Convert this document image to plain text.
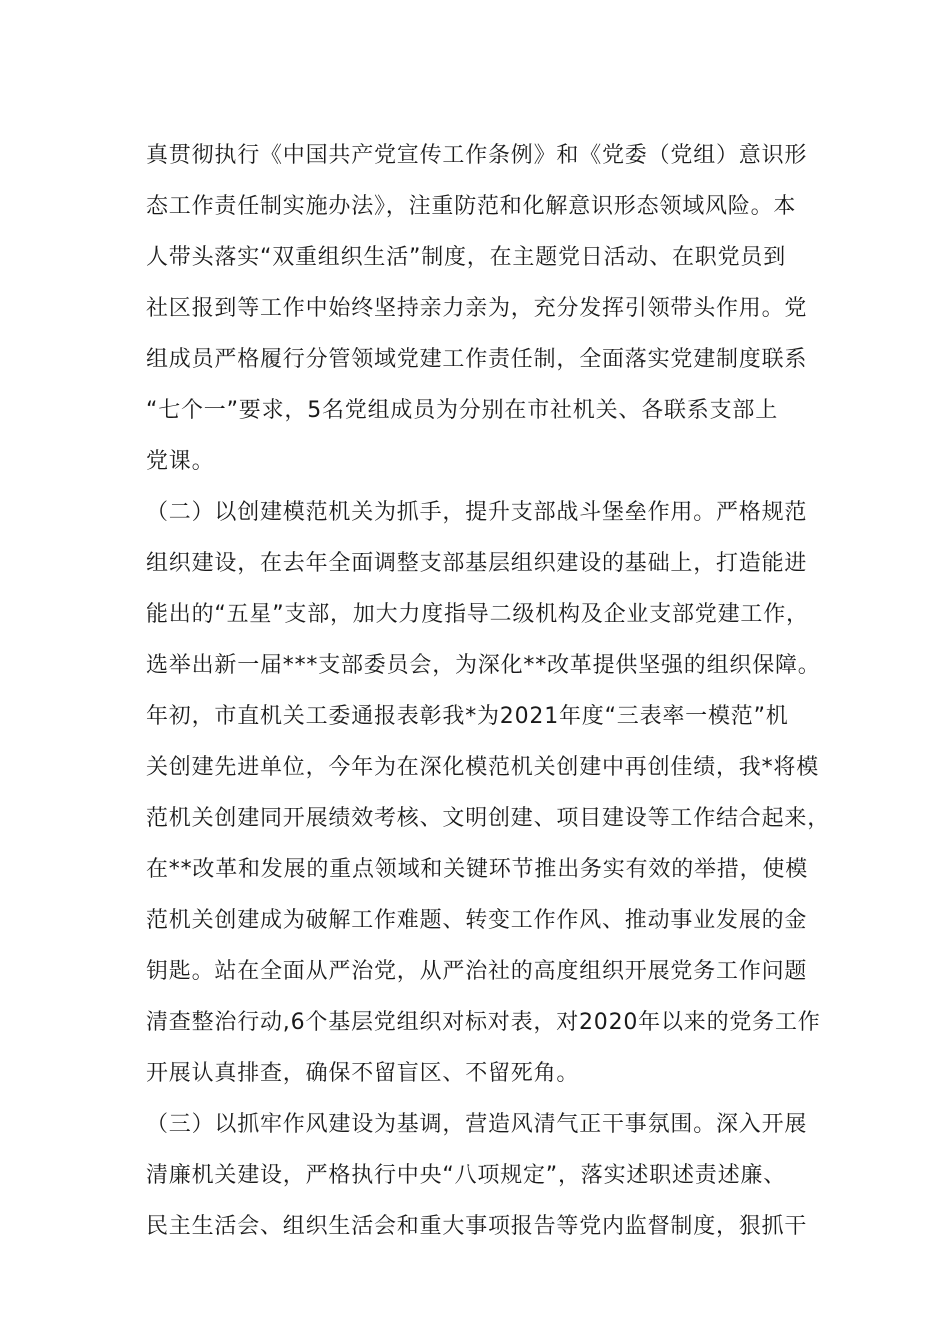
真贯彻执行《中国共产党宣传工作条例》和《党委（党组）意识形
态工作责任制实施办法》，注重防范和化解意识形态领域风险。本
人带头落实“双重组织生活”制度，在主题党日活动、在职党员到
社区报到等工作中始终坚持亲力亲为，充分发挥引领带头作用。党
组成员严格履行分管领域党建工作责任制，全面落实党建制度联系
“七个一”要求，5名党组成员为分别在市社机关、各联系支部上
党课。
（二）以创建模范机关为抓手，提升支部战斗堡垒作用。严格规范
组织建设，在去年全面调整支部基层组织建设的基础上，打造能进
能出的“五星”支部，加大力度指导二级机构及企业支部党建工作，
选举出新一届***支部委员会，为深化**改革提供坚强的组织保障。
年初，市直机关工委通报表彰我*为2021年度“三表率一模范”机
关创建先进单位，今年为在深化模范机关创建中再创佳绩，我*将模
范机关创建同开展绩效考核、文明创建、项目建设等工作结合起来，
在**改革和发展的重点领域和关键环节推出务实有效的举措，使模
范机关创建成为破解工作难题、转变工作作风、推动事业发展的金
钥匙。站在全面从严治党，从严治社的高度组织开展党务工作问题
清查整治行动,6个基层党组织对标对表，对2020年以来的党务工作
开展认真排查，确保不留盲区、不留死角。
（三）以抓牢作风建设为基调，营造风清气正干事氛围。深入开展
清廉机关建设，严格执行中央“八项规定”，落实述职述责述廉、
民主生活会、组织生活会和重大事项报告等党内监督制度，狠抓干
